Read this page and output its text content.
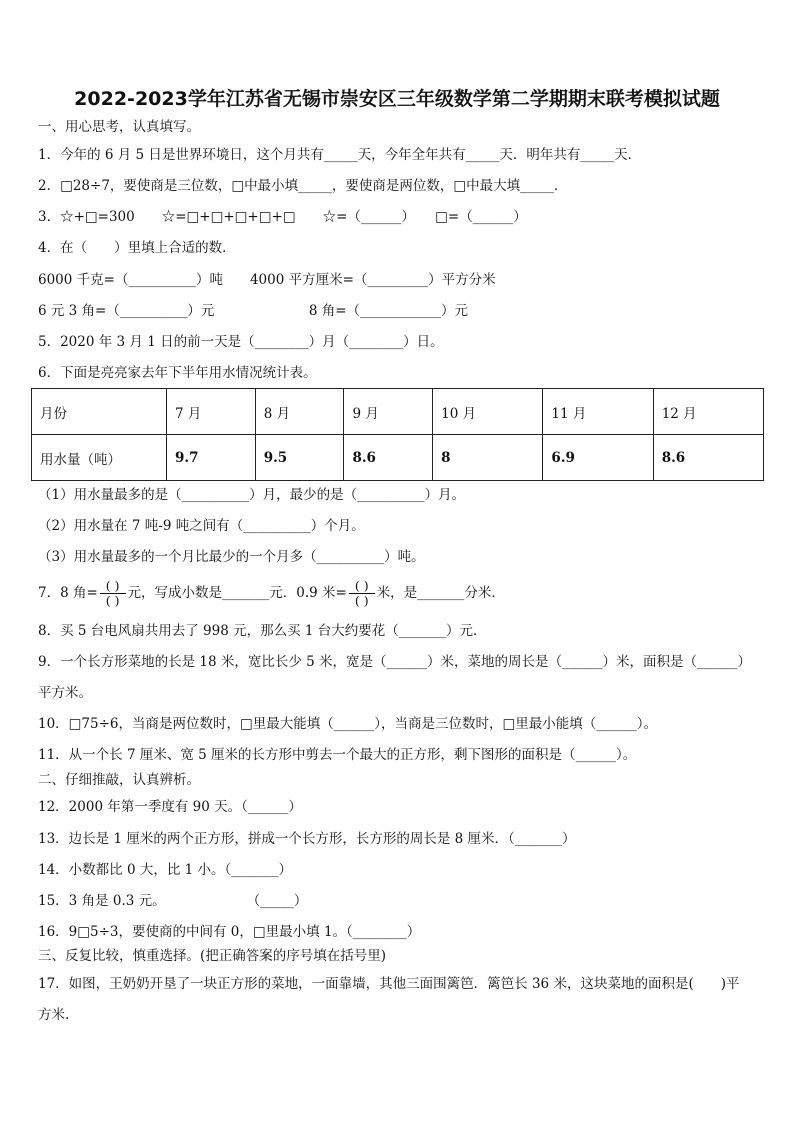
2022-2023学年江苏省无锡市崇安区三年级数学第二学期期末联考模拟试题
一、用心思考，认真填写。
1．今年的 6 月 5 日是世界环境日，这个月共有_____天，今年全年共有_____天．明年共有_____天．
2．□28÷7，要使商是三位数，□中最小填_____，要使商是两位数，□中最大填_____．
3．☆+□=300　　☆=□+□+□+□+□　　☆=（______）　　□=（______）
4．在（　　）里填上合适的数．
6000 千克=（__________）吨　　4000 平方厘米=（_________）平方分米
6 元 3 角=（__________）元　　　　　　　8 角=（____________）元
5．2020 年 3 月 1 日的前一天是（________）月（________）日。
6．下面是亮亮家去年下半年用水情况统计表。
月份	7 月	8 月	9 月	10 月	11 月	12 月
用水量（吨）	9.7	9.5	8.6	8	6.9	8.6
（1）用水量最多的是（__________）月，最少的是（__________）月。
（2）用水量在 7 吨-9 吨之间有（__________）个月。
（3）用水量最多的一个月比最少的一个月多（__________）吨。
7．8 角= $\frac{( )}{( )}$ 元，写成小数是_______元．0.9 米= $\frac{( )}{( )}$ 米，是_______分米．
8．买 5 台电风扇共用去了 998 元，那么买 1 台大约要花（_______）元．
9．一个长方形菜地的长是 18 米，宽比长少 5 米，宽是（______）米，菜地的周长是（______）米，面积是（______）
平方米。
10．□75÷6，当商是两位数时，□里最大能填（______），当商是三位数时，□里最小能填（______）。
11．从一个长 7 厘米、宽 5 厘米的长方形中剪去一个最大的正方形，剩下图形的面积是（______）。
二、仔细推敲，认真辨析。
12．2000 年第一季度有 90 天。（______）
13．边长是 1 厘米的两个正方形，拼成一个长方形，长方形的周长是 8 厘米．（_______）
14．小数都比 0 大，比 1 小。（_______）
15．3 角是 0.3 元。　　　　　　　（_____）
16．9□5÷3，要使商的中间有 0，□里最小填 1。（________）
三、反复比较，慎重选择。(把正确答案的序号填在括号里)
17．如图，王奶奶开垦了一块正方形的菜地，一面靠墙，其他三面围篱笆．篱笆长 36 米，这块菜地的面积是(　　)平
方米.
